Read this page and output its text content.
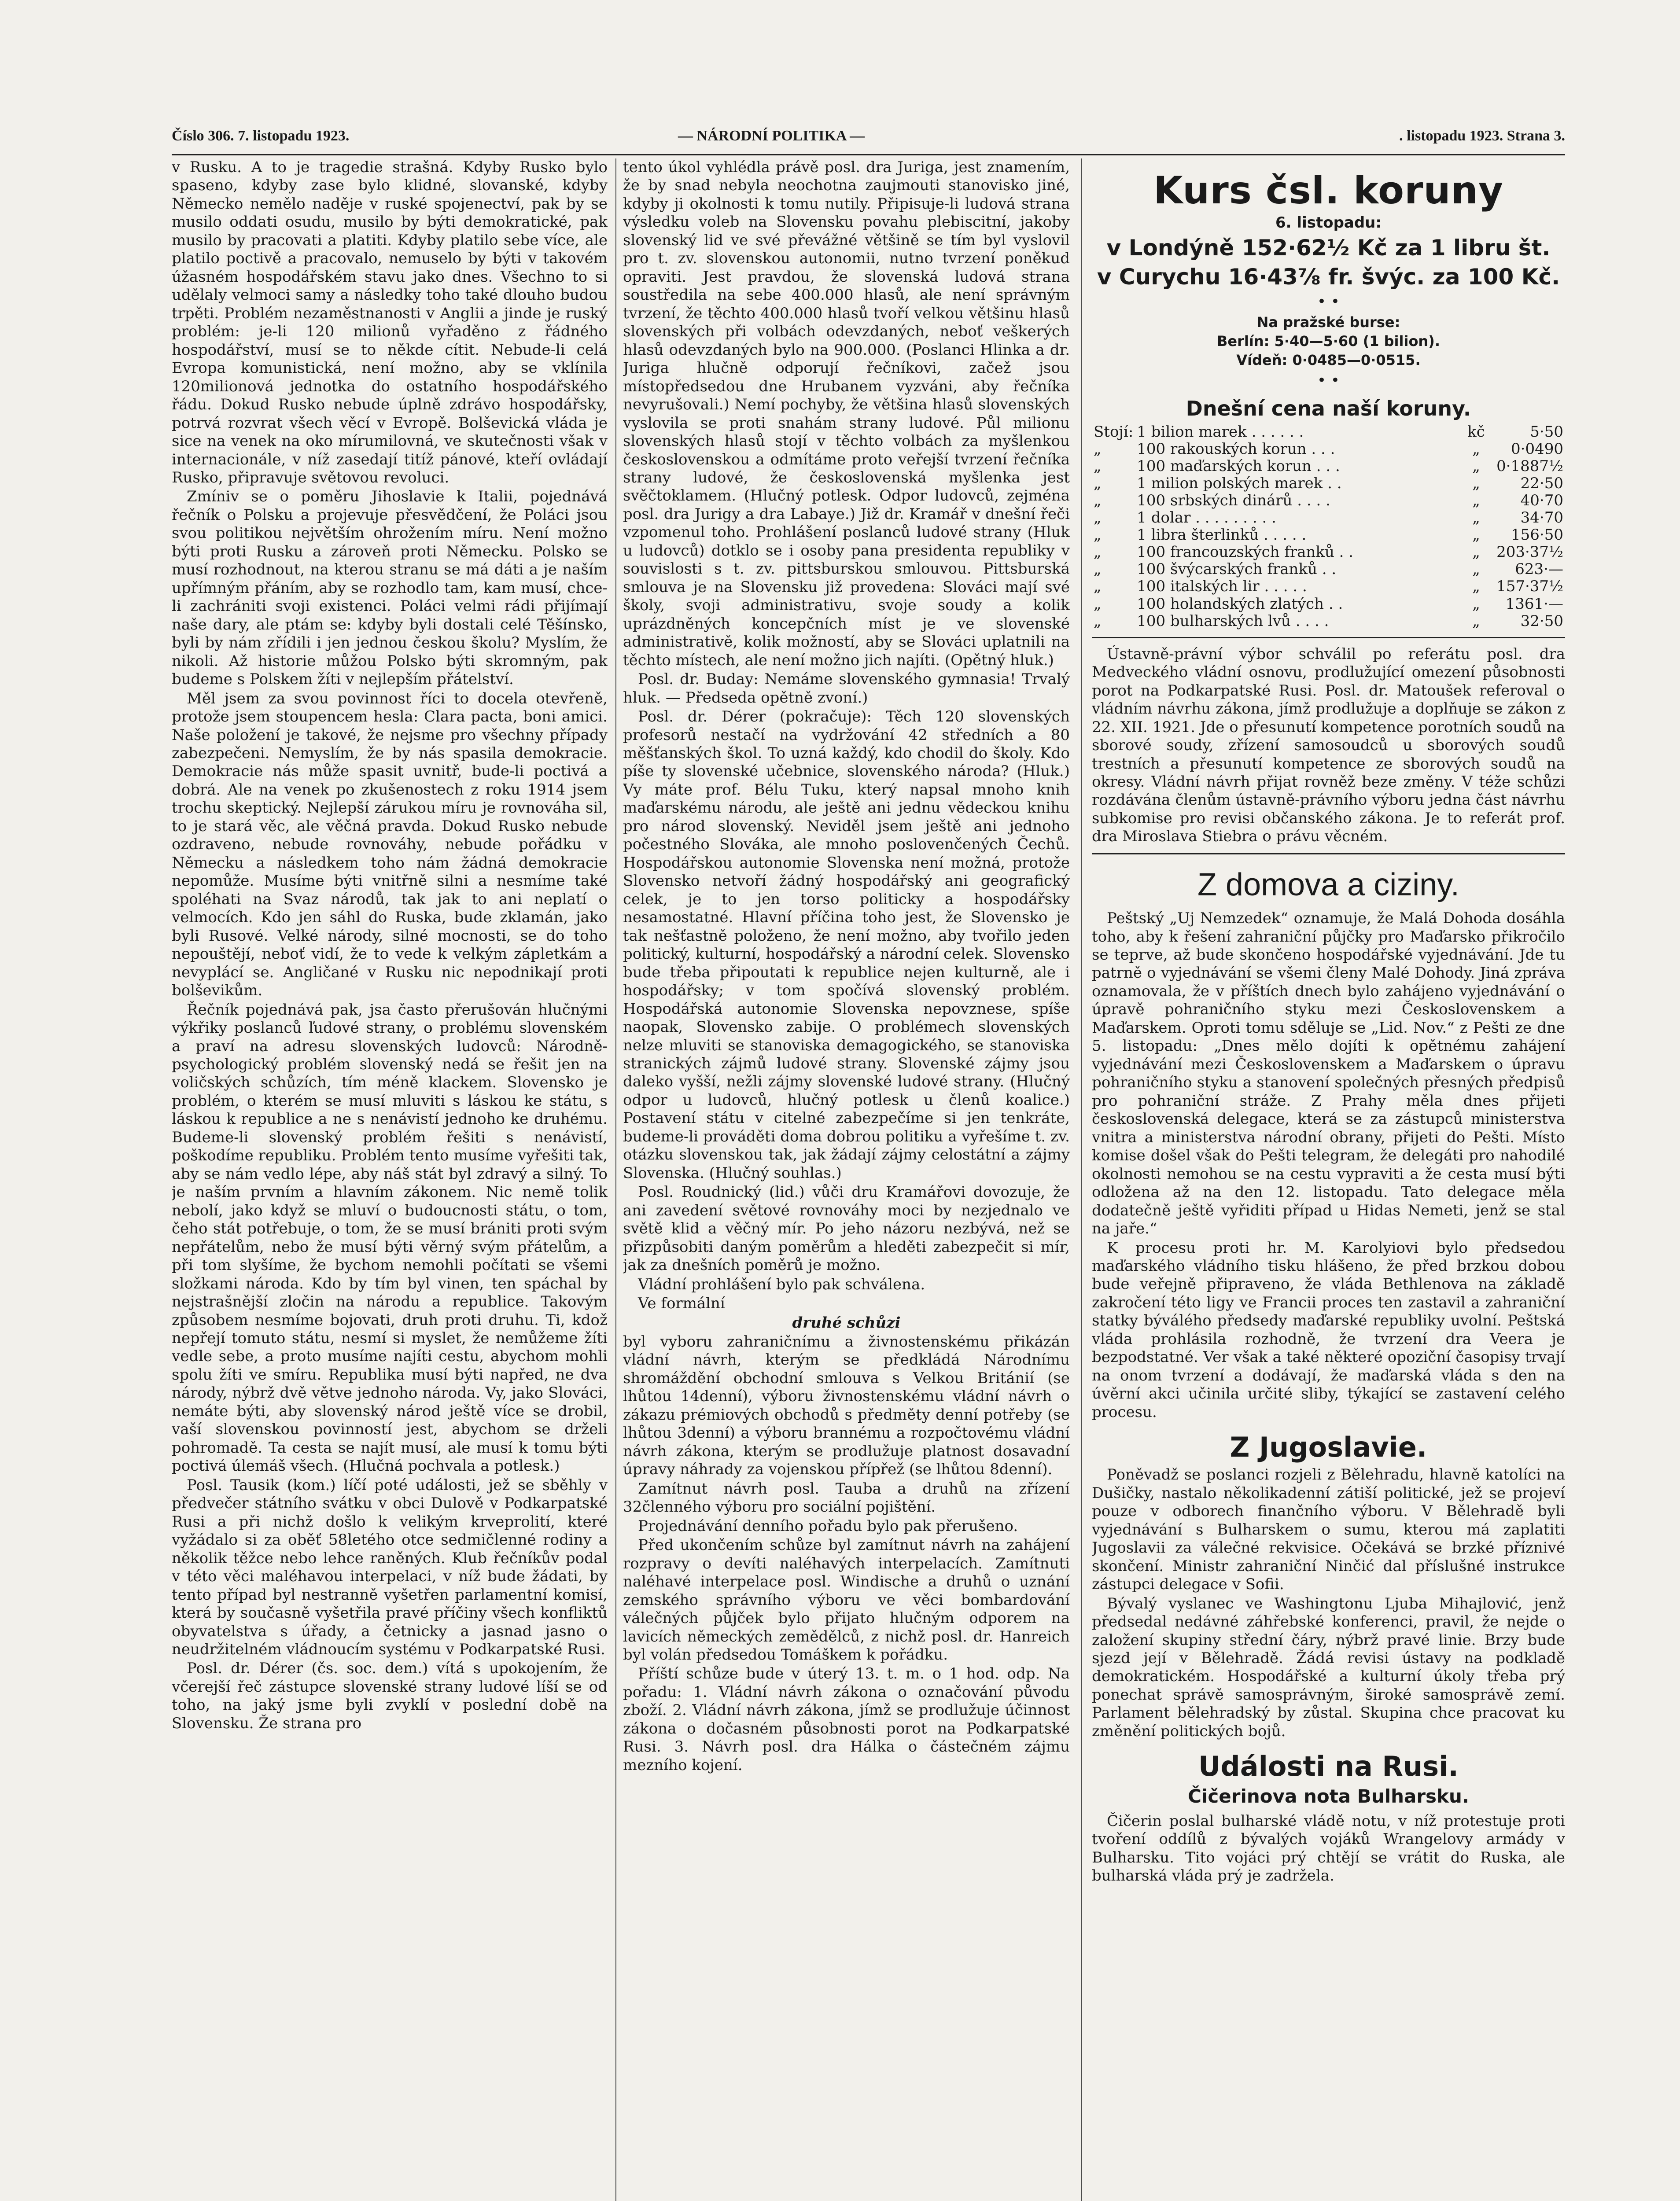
Číslo 306. 7. listopadu 1923.	— NÁRODNÍ POLITIKA —	. listopadu 1923. Strana 3.

v Rusku. A to je tragedie strašná. Kdyby Rusko bylo spaseno, kdyby zase bylo klidné, slovanské, kdyby Německo nemělo naděje v ruské spojenectví, pak by se musilo oddati osudu, musilo by býti demokratické, pak musilo by pracovati a platiti. Kdyby platilo sebe více, ale platilo poctivě a pracovalo, nemuselo by býti v takovém úžasném hospodářském stavu jako dnes. Všechno to si udělaly velmoci samy a následky toho také dlouho budou trpěti. Problém nezaměstnanosti v Anglii a jinde je ruský problém: je-li 120 milionů vyřaděno z řádného hospodářství, musí se to někde cítit. Nebude-li celá Evropa komunistická, není možno, aby se vklínila 120milionová jednotka do ostatního hospodářského řádu. Dokud Rusko nebude úplně zdrávo hospodářsky, potrvá rozvrat všech věcí v Evropě. Bolševická vláda je sice na venek na oko mírumilovná, ve skutečnosti však v internacionále, v níž zasedají titíž pánové, kteří ovládají Rusko, připravuje světovou revoluci.

Zmíniv se o poměru Jihoslavie k Italii, pojednává řečník o Polsku a projevuje přesvědčení, že Poláci jsou svou politikou největším ohrožením míru. Není možno býti proti Rusku a zároveň proti Německu. Polsko se musí rozhodnout, na kterou stranu se má dáti a je naším upřímným přáním, aby se rozhodlo tam, kam musí, chce-li zachrániti svoji existenci. Poláci velmi rádi přijímají naše dary, ale ptám se: kdyby byli dostali celé Těšínsko, byli by nám zřídili i jen jednou českou školu? Myslím, že nikoli. Až historie můžou Polsko býti skromným, pak budeme s Polskem žíti v nejlepším přátelství.

Měl jsem za svou povinnost říci to docela otevřeně, protože jsem stoupencem hesla: Clara pacta, boni amici. Naše položení je takové, že nejsme pro všechny případy zabezpečeni. Nemyslím, že by nás spasila demokracie. Demokracie nás může spasit uvnitř, bude-li poctivá a dobrá. Ale na venek po zkušenostech z roku 1914 jsem trochu skeptický. Nejlepší zárukou míru je rovnováha sil, to je stará věc, ale věčná pravda. Dokud Rusko nebude ozdraveno, nebude rovnováhy, nebude pořádku v Německu a následkem toho nám žádná demokracie nepomůže. Musíme býti vnitřně silni a nesmíme také spoléhati na Svaz národů, tak jak to ani neplatí o velmocích. Kdo jen sáhl do Ruska, bude zklamán, jako byli Rusové. Velké národy, silné mocnosti, se do toho nepouštějí, neboť vidí, že to vede k velkým zápletkám a nevyplácí se. Angličané v Rusku nic nepodnikají proti bolševikům.

Řečník pojednává pak, jsa často přerušován hlučnými výkřiky poslanců ľudové strany, o problému slovenském a praví na adresu slovenských ludovců: Národně-psychologický problém slovenský nedá se řešit jen na voličských schůzích, tím méně klackem. Slovensko je problém, o kterém se musí mluviti s láskou ke státu, s láskou k republice a ne s nenávistí jednoho ke druhému. Budeme-li slovenský problém řešiti s nenávistí, poškodíme republiku. Problém tento musíme vyřešiti tak, aby se nám vedlo lépe, aby náš stát byl zdravý a silný. To je naším prvním a hlavním zákonem. Nic nemě tolik nebolí, jako když se mluví o budoucnosti státu, o tom, čeho stát potřebuje, o tom, že se musí brániti proti svým nepřátelům, nebo že musí býti věrný svým přátelům, a při tom slyšíme, že bychom nemohli počítati se všemi složkami národa. Kdo by tím byl vinen, ten spáchal by nejstrašnější zločin na národu a republice. Takovým způsobem nesmíme bojovati, druh proti druhu. Ti, kdož nepřejí tomuto státu, nesmí si myslet, že nemůžeme žíti vedle sebe, a proto musíme najíti cestu, abychom mohli spolu žíti ve smíru. Republika musí býti napřed, ne dva národy, nýbrž dvě větve jednoho národa. Vy, jako Slováci, nemáte býti, aby slovenský národ ještě více se drobil, vaší slovenskou povinností jest, abychom se drželi pohromadě. Ta cesta se najít musí, ale musí k tomu býti poctivá úlemáš všech. (Hlučná pochvala a potlesk.)

Posl. Tausik (kom.) líčí poté události, jež se sběhly v předvečer státního svátku v obci Dulově v Podkarpatské Rusi a při nichž došlo k velikým krveprolití, které vyžádalo si za oběť 58letého otce sedmičlenné rodiny a několik těžce nebo lehce raněných. Klub řečníkův podal v této věci maléhavou interpelaci, v níž bude žádati, by tento případ byl nestranně vyšetřen parlamentní komisí, která by současně vyšetřila pravé příčiny všech konfliktů obyvatelstva s úřady, a četnicky a jasnad jasno o neudržitelném vládnoucím systému v Podkarpatské Rusi.

Posl. dr. Dérer (čs. soc. dem.) vítá s upokojením, že včerejší řeč zástupce slovenské strany ludové líší se od toho, na jaký jsme byli zvyklí v poslední době na Slovensku. Že strana pro

tento úkol vyhlédla právě posl. dra Juriga, jest znamením, že by snad nebyla neochotna zaujmouti stanovisko jiné, kdyby ji okolnosti k tomu nutily. Připisuje-li ludová strana výsledku voleb na Slovensku povahu plebiscitní, jakoby slovenský lid ve své převážné většině se tím byl vyslovil pro t. zv. slovenskou autonomii, nutno tvrzení poněkud opraviti. Jest pravdou, že slovenská ludová strana soustředila na sebe 400.000 hlasů, ale není správným tvrzení, že těchto 400.000 hlasů tvoří velkou většinu hlasů slovenských při volbách odevzdaných, neboť veškerých hlasů odevzdaných bylo na 900.000. (Poslanci Hlinka a dr. Juriga hlučně odporují řečníkovi, začež jsou místopředsedou dne Hrubanem vyzváni, aby řečníka nevyrušovali.) Nemí pochyby, že většina hlasů slovenských vyslovila se proti snahám strany ludové. Půl milionu slovenských hlasů stojí v těchto volbách za myšlenkou československou a odmítáme proto veřejší tvrzení řečníka strany ludové, že československá myšlenka jest svěčtoklamem. (Hlučný potlesk. Odpor ludovců, zejména posl. dra Jurigy a dra Labaye.) Již dr. Kramář v dnešní řeči vzpomenul toho. Prohlášení poslanců ludové strany (Hluk u ludovců) dotklo se i osoby pana presidenta republiky v souvislosti s t. zv. pittsburskou smlouvou. Pittsburská smlouva je na Slovensku již provedena: Slováci mají své školy, svoji administrativu, svoje soudy a kolik uprázdněných koncepčních míst je ve slovenské administrativě, kolik možností, aby se Slováci uplatnili na těchto místech, ale není možno jich najíti. (Opětný hluk.)

Posl. dr. Buday: Nemáme slovenského gymnasia! Trvalý hluk. — Předseda opětně zvoní.)

Posl. dr. Dérer (pokračuje): Těch 120 slovenských profesorů nestačí na vydržování 42 středních a 80 měšťanských škol. To uzná každý, kdo chodil do školy. Kdo píše ty slovenské učebnice, slovenského národa? (Hluk.) Vy máte prof. Bélu Tuku, který napsal mnoho knih maďarskému národu, ale ještě ani jednu vědeckou knihu pro národ slovenský. Neviděl jsem ještě ani jednoho počestného Slováka, ale mnoho poslovenčených Čechů. Hospodářskou autonomie Slovenska není možná, protože Slovensko netvoří žádný hospodářský ani geografický celek, je to jen torso politicky a hospodářsky nesamostatné. Hlavní příčina toho jest, že Slovensko je tak nešťastně položeno, že není možno, aby tvořilo jeden politický, kulturní, hospodářský a národní celek. Slovensko bude třeba připoutati k republice nejen kulturně, ale i hospodářsky; v tom spočívá slovenský problém. Hospodářská autonomie Slovenska nepovznese, spíše naopak, Slovensko zabije. O problémech slovenských nelze mluviti se stanoviska demagogického, se stanoviska stranických zájmů ludové strany. Slovenské zájmy jsou daleko vyšší, nežli zájmy slovenské ludové strany. (Hlučný odpor u ludovců, hlučný potlesk u členů koalice.) Postavení státu v citelné zabezpečíme si jen tenkráte, budeme-li prováděti doma dobrou politiku a vyřešíme t. zv. otázku slovenskou tak, jak žádají zájmy celostátní a zájmy Slovenska. (Hlučný souhlas.)

Posl. Roudnický (lid.) vůči dru Kramářovi dovozuje, že ani zavedení světové rovnováhy moci by nezjednalo ve světě klid a věčný mír. Po jeho názoru nezbývá, než se přizpůsobiti daným poměrům a hleděti zabezpečit si mír, jak za dnešních poměrů je možno.

Vládní prohlášení bylo pak schválena.

Ve formální

druhé schůzi

byl vyboru zahraničnímu a živnostenskému přikázán vládní návrh, kterým se předkládá Národnímu shromáždění obchodní smlouva s Velkou Británií (se lhůtou 14denní), výboru živnostenskému vládní návrh o zákazu prémiových obchodů s předměty denní potřeby (se lhůtou 3denní) a výboru brannému a rozpočtovému vládní návrh zákona, kterým se prodlužuje platnost dosavadní úpravy náhrady za vojenskou přípřež (se lhůtou 8denní).

Zamítnut návrh posl. Tauba a druhů na zřízení 32členného výboru pro sociální pojištění.

Projednávání denního pořadu bylo pak přerušeno.

Před ukončením schůze byl zamítnut návrh na zahájení rozpravy o devíti naléhavých interpelacích. Zamítnuti naléhavé interpelace posl. Windische a druhů o uznání zemského správního výboru ve věci bombardování válečných půjček bylo přijato hlučným odporem na lavicích německých zemědělců, z nichž posl. dr. Hanreich byl volán předsedou Tomáškem k pořádku.

Příští schůze bude v úterý 13. t. m. o 1 hod. odp. Na pořadu: 1. Vládní návrh zákona o označování původu zboží. 2. Vládní návrh zákona, jímž se prodlužuje účinnost zákona o dočasném působnosti porot na Podkarpatské Rusi. 3. Návrh posl. dra Hálka o částečném zájmu mezního kojení.

Kurs čsl. koruny
6. listopadu:
v Londýně 152·62½ Kč za 1 libru št.
v Curychu 16·43⅞ fr. švýc. za 100 Kč.
• •
Na pražské burse:
Berlín: 5·40—5·60 (1 bilion).
Vídeň: 0·0485—0·0515.
• •
Dnešní cena naší koruny.
Stojí:	1 bilion marek . . . . . .	kč	5·50
„	100 rakouských korun . . .	„	0·0490
„	100 maďarských korun . . .	„	0·1887½
„	1 milion polských marek . .	„	22·50
„	100 srbských dinárů . . . .	„	40·70
„	1 dolar . . . . . . . . .	„	34·70
„	1 libra šterlinků . . . . .	„	156·50
„	100 francouzských franků . .	„	203·37½
„	100 švýcarských franků . .	„	623·—
„	100 italských lir . . . . .	„	157·37½
„	100 holandských zlatých . .	„	1361·—
„	100 bulharských lvů . . . .	„	32·50

Ústavně-právní výbor schválil po referátu posl. dra Medveckého vládní osnovu, prodlužující omezení působnosti porot na Podkarpatské Rusi. Posl. dr. Matoušek referoval o vládním návrhu zákona, jímž prodlužuje a doplňuje se zákon z 22. XII. 1921. Jde o přesunutí kompetence porotních soudů na sborové soudy, zřízení samosoudců u sborových soudů trestních a přesunutí kompetence ze sborových soudů na okresy. Vládní návrh přijat rovněž beze změny. V téže schůzi rozdávána členům ústavně-právního výboru jedna část návrhu subkomise pro revisi občanského zákona. Je to referát prof. dra Miroslava Stiebra o právu věcném.

Z domova a ciziny.

Peštský „Uj Nemzedek“ oznamuje, že Malá Dohoda dosáhla toho, aby k řešení zahraniční půjčky pro Maďarsko přikročilo se teprve, až bude skončeno hospodářské vyjednávání. Jde tu patrně o vyjednávání se všemi členy Malé Dohody. Jiná zpráva oznamovala, že v příštích dnech bylo zahájeno vyjednávání o úpravě pohraničního styku mezi Československem a Maďarskem. Oproti tomu sděluje se „Lid. Nov.“ z Pešti ze dne 5. listopadu: „Dnes mělo dojíti k opětnému zahájení vyjednávání mezi Československem a Maďarskem o úpravu pohraničního styku a stanovení společných přesných předpisů pro pohraniční stráže. Z Prahy měla dnes přijeti československá delegace, která se za zástupců ministerstva vnitra a ministerstva národní obrany, přijeti do Pešti. Místo komise došel však do Pešti telegram, že delegáti pro nahodilé okolnosti nemohou se na cestu vypraviti a že cesta musí býti odložena až na den 12. listopadu. Tato delegace měla dodatečně ještě vyřiditi případ u Hidas Nemeti, jenž se stal na jaře.“

K procesu proti hr. M. Karolyiovi bylo předsedou maďarského vládního tisku hlášeno, že před brzkou dobou bude veřejně připraveno, že vláda Bethlenova na základě zakročení této ligy ve Francii proces ten zastavil a zahraniční statky býválého předsedy maďarské republiky uvolní. Peštská vláda prohlásila rozhodně, že tvrzení dra Veera je bezpodstatné. Ver však a také některé opoziční časopisy trvají na onom tvrzení a dodávají, že maďarská vláda s den na úvěrní akci učinila určité sliby, týkající se zastavení celého procesu.

Z Jugoslavie.

Poněvadž se poslanci rozjeli z Bělehradu, hlavně katolíci na Dušičky, nastalo několikadenní zátiší politické, jež se projeví pouze v odborech finančního výboru. V Bělehradě byli vyjednávání s Bulharskem o sumu, kterou má zaplatiti Jugoslavii za válečné rekvisice. Očekává se brzké příznivé skončení. Ministr zahraniční Ninčić dal příslušné instrukce zástupci delegace v Sofii.

Bývalý vyslanec ve Washingtonu Ljuba Mihajlović, jenž předsedal nedávné záhřebské konferenci, pravil, že nejde o založení skupiny střední čáry, nýbrž pravé linie. Brzy bude sjezd její v Bělehradě. Žádá revisi ústavy na podkladě demokratickém. Hospodářské a kulturní úkoly třeba prý ponechat správě samosprávným, široké samosprávě zemí. Parlament bělehradský by zůstal. Skupina chce pracovat ku změnění politických bojů.

Události na Rusi.
Čičerinova nota Bulharsku.

Čičerin poslal bulharské vládě notu, v níž protestuje proti tvoření oddílů z bývalých vojáků Wrangelovy armády v Bulharsku. Tito vojáci prý chtějí se vrátit do Ruska, ale bulharská vláda prý je zadržela.
